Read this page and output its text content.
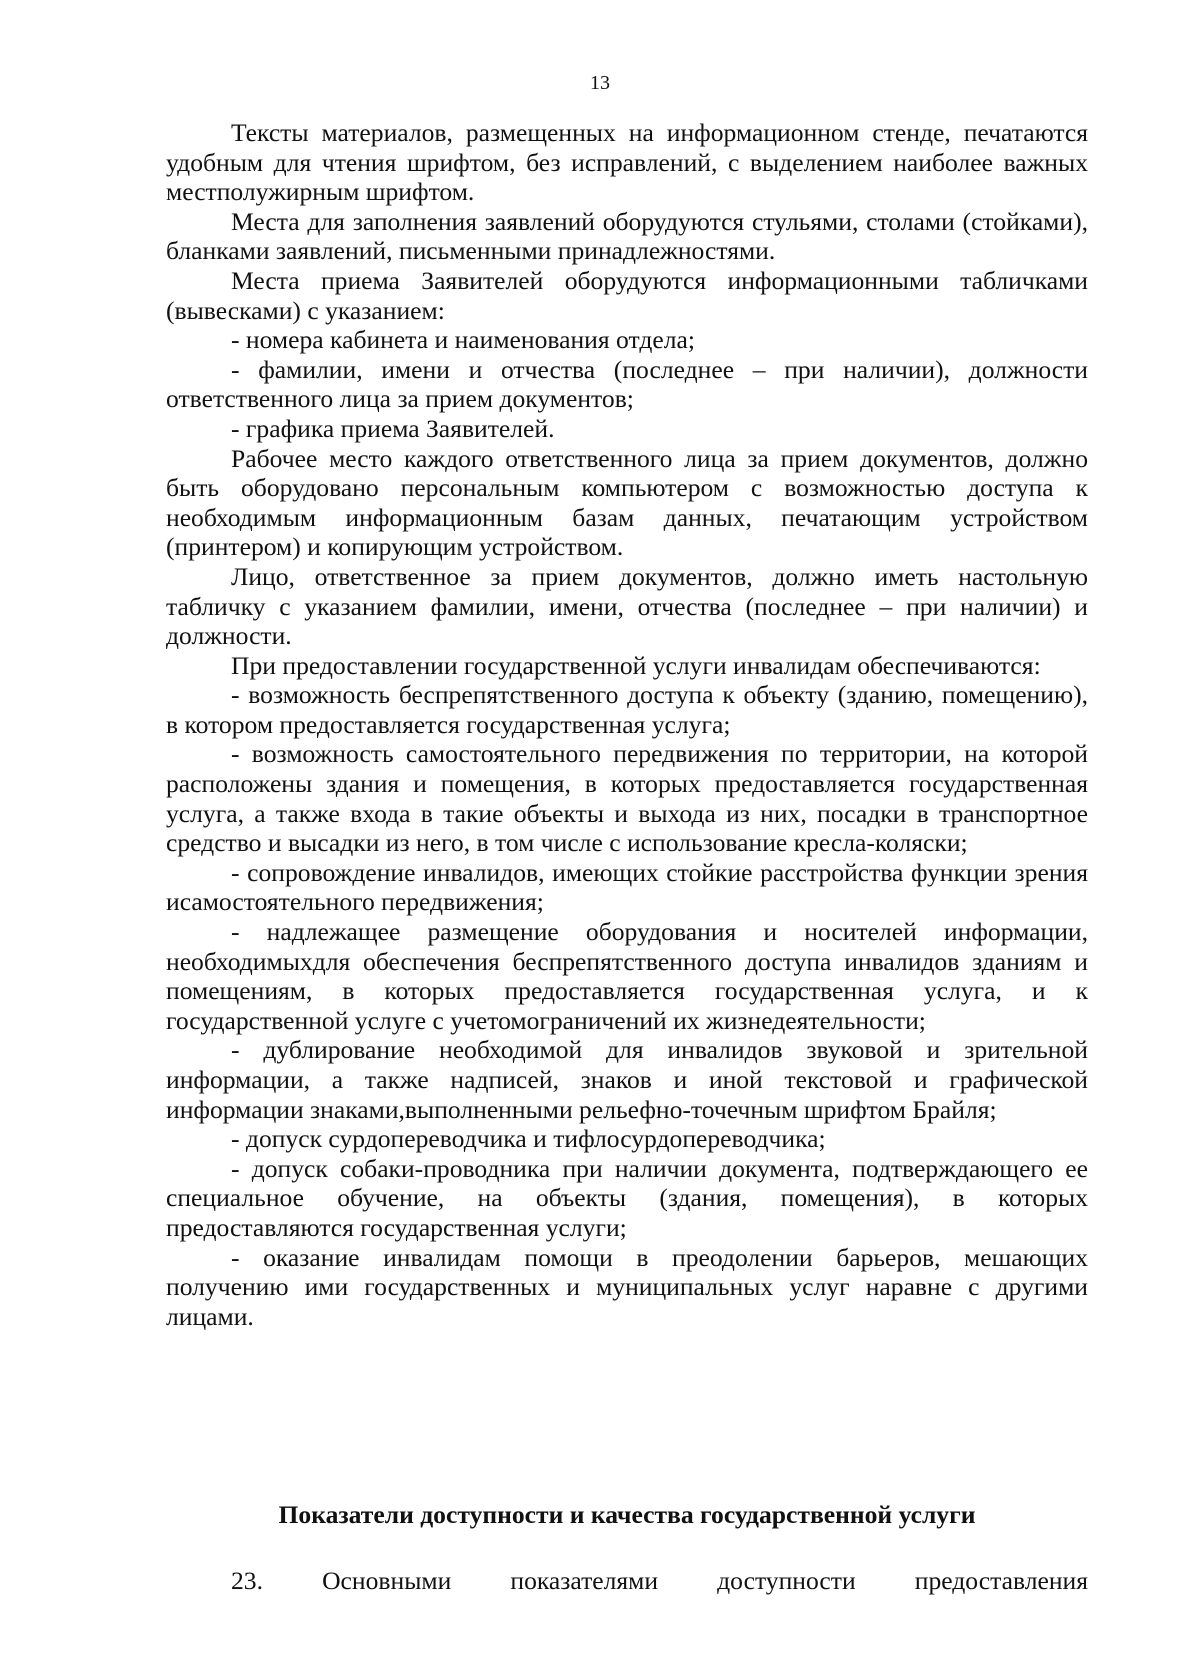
13

Тексты материалов, размещенных на информационном стенде, печатаются удобным для чтения шрифтом, без исправлений, с выделением наиболее важных местполужирным шрифтом.

Места для заполнения заявлений оборудуются стульями, столами (стойками), бланками заявлений, письменными принадлежностями.

Места приема Заявителей оборудуются информационными табличками (вывесками) с указанием:

- номера кабинета и наименования отдела;

- фамилии, имени и отчества (последнее – при наличии), должности ответственного лица за прием документов;

- графика приема Заявителей.

Рабочее место каждого ответственного лица за прием документов, должно быть оборудовано персональным компьютером с возможностью доступа к необходимым информационным базам данных, печатающим устройством (принтером) и копирующим устройством.

Лицо, ответственное за прием документов, должно иметь настольную табличку с указанием фамилии, имени, отчества (последнее – при наличии) и должности.

При предоставлении государственной услуги инвалидам обеспечиваются:

- возможность беспрепятственного доступа к объекту (зданию, помещению), в котором предоставляется государственная услуга;

- возможность самостоятельного передвижения по территории, на которой расположены здания и помещения, в которых предоставляется государственная услуга, а также входа в такие объекты и выхода из них, посадки в транспортное средство и высадки из него, в том числе с использование кресла-коляски;

- сопровождение инвалидов, имеющих стойкие расстройства функции зрения исамостоятельного передвижения;

- надлежащее размещение оборудования и носителей информации, необходимыхдля обеспечения беспрепятственного доступа инвалидов зданиям и помещениям, в которых предоставляется государственная услуга, и к государственной услуге с учетомограничений их жизнедеятельности;

- дублирование необходимой для инвалидов звуковой и зрительной информации, а также надписей, знаков и иной текстовой и графической информации знаками,выполненными рельефно-точечным шрифтом Брайля;

- допуск сурдопереводчика и тифлосурдопереводчика;

- допуск собаки-проводника при наличии документа, подтверждающего ее специальное обучение, на объекты (здания, помещения), в которых предоставляются государственная услуги;

- оказание инвалидам помощи в преодолении барьеров, мешающих получению ими государственных и муниципальных услуг наравне с другими лицами.

Показатели доступности и качества государственной услуги

23. Основными показателями доступности предоставления
